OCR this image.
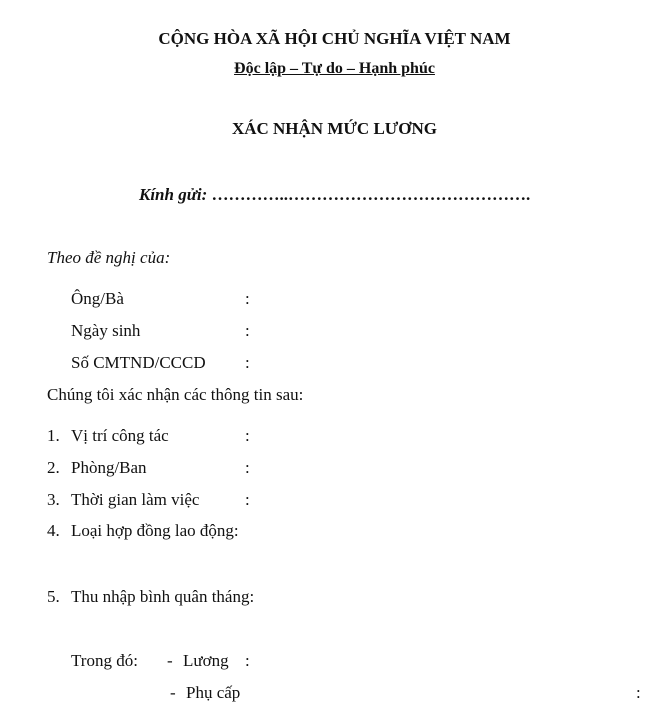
CỘNG HÒA XÃ HỘI CHỦ NGHĨA VIỆT NAM
Độc lập – Tự do – Hạnh phúc
XÁC NHẬN MỨC LƯƠNG
Kính gửi: …………..…………………………………….
Theo đề nghị của:
Ông/Bà	:
Ngày sinh	:
Số CMTND/CCCD :
Chúng tôi xác nhận các thông tin sau:
1. Vị trí công tác	:
2. Phòng/Ban	:
3. Thời gian làm việc	:
4. Loại hợp đồng lao động:
5. Thu nhập bình quân tháng:
Trong đó: - Lương :
- Phụ cấp	:
